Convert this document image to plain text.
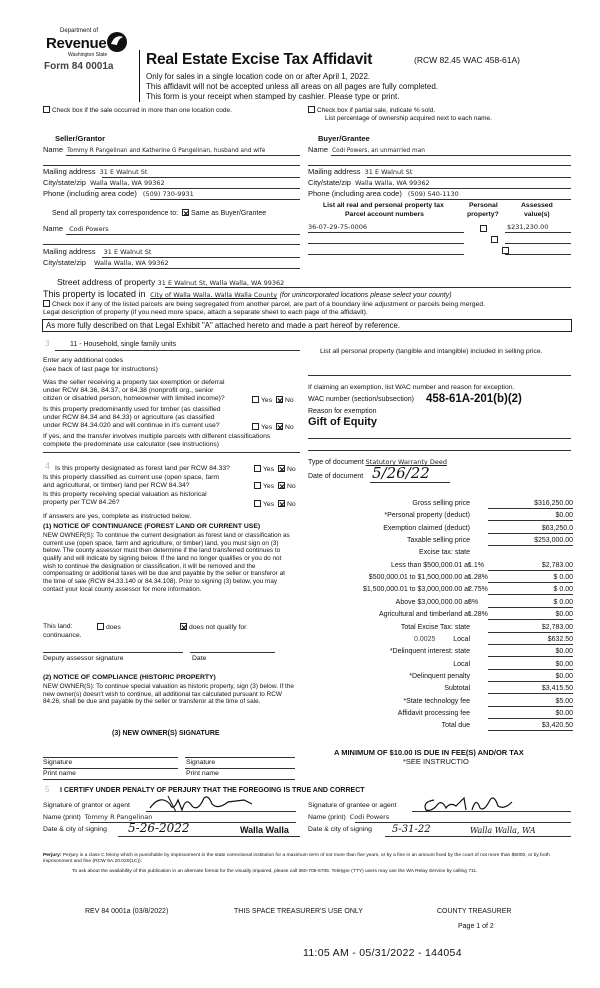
Department of
Revenue
Washington State
Form 84 0001a Real Estate Excise Tax Affidavit	(RCW 82.45 WAC 458-61A)
Only for sales in a single location code on or after April 1, 2022.
This affidavit will not be accepted unless all areas on all pages are fully completed.
This form is your receipt when stamped by cashier. Please type or print.
Check box if the sale occurred in more than one location code.	Check box if partial sale, indicate % sold.
List percentage of ownership acquired next to each name.
Seller/Grantor
Name Tommy R Pangelinan and Katherine G Pangelinan, husband and wife
Mailing address 31 E Walnut St
City/state/zip Walla Walla, WA 99362
Phone (including area code) (509) 730-9931
Buyer/Grantee
Name Codi Powers, an unmarried man
Mailing address 31 E Walnut St
City/state/zip Walla Walla, WA 99362
Phone (including area code) (509) 540-1130
Send all property tax correspondence to: Same as Buyer/Grantee
Name Codi Powers
Mailing address 31 E Walnut St
City/state/zip Walla Walla, WA 99362
List all real and personal property tax
Parcel account numbers
Personal
property?
Assessed
value(s)
36-07-29-75-0006
	$231,230.00

Street address of property 31 E Walnut St, Walla Walla, WA 99362
This property is located in City of Walla Walla, Walla Walla County (for unincorporated locations please select your county)
Check box if any of the listed parcels are being segregated from another parcel, are part of a boundary line adjustment or parcels being merged.
Legal description of property (if you need more space, attach a separate sheet to each page of the affidavit).
As more fully described on that Legal Exhibit "A" attached hereto and made a part hereof by reference.
3	11 - Household, single family units
Enter any additional codes
(see back of last page for instructions)
List all personal property (tangible and intangible) included in selling price.
Was the seller receiving a property tax exemption or deferral
under RCW 84.36, 84.37, or 84.38 (nonprofit org., senior
citizen or disabled person, homeowner with limited income)?	Yes No
Is this property predominantly used for timber (as classified
under RCW 84.34 and 84.33) or agriculture (as classified
under RCW 84.34.020 and will continue in it's current use?	Yes No
If yes, and the transfer involves multiple parcels with different classifications
complete the predominate use calculator (see instructions)
If claiming an exemption, list WAC number and reason for exception.
WAC number (section/subsection) 458-61A-201(b)(2)
Reason for exemption
Gift of Equity
4 Is this property designated as forest land per RCW 84.33?	Yes No
Is this property classified as current use (open space, farm
and agricultural, or timber) land per RCW 84.34?	Yes No
Is this property receiving special valuation as historical
property per TCW 84.26?	Yes No
If answers are yes, complete as instructed below.
(1) NOTICE OF CONTINUANCE (FOREST LAND OR CURRENT USE)
NEW OWNER(S): To continue the current designation as forest land or classification as current use (open space, farm and agriculture, or timber) land, you must sign on (3) below. The county assessor must then determine if the land transferred continues to qualify and will indicate by signing below. If the land no longer qualifies or you do not wish to continue the designation or classification, it will be removed and the compensating or additional taxes will be due and payable by the seller or transferor at the time of sale (RCW 84.33.140 or 84.34.108). Prior to signing (3) below, you may contact your local county assessor for more information.
This land:	does	does not qualify for
continuance.
Deputy assessor signature	Date
(2) NOTICE OF COMPLIANCE (HISTORIC PROPERTY)
NEW OWNER(S): To continue special valuation as historic property, sign (3) below. If the new owner(s) doesn't wish to continue, all additional tax calculated pursuant to RCW 84.26, shall be due and payable by the seller or transferor at the time of sale.
(3) NEW OWNER(S) SIGNATURE
Signature	Signature
Print name	Print name
Type of document Statutory Warranty Deed
Date of document 5/26/22
Gross selling price	$316,250.00
*Personal property (deduct)	$0.00
Exemption claimed (deduct)	$63,250.0
Taxable selling price	$253,000.00
Excise tax: state
Less than $500,000.01 at
1.1%	$2,783.00
$500,000.01 to $1,500,000.00 at
1.28%	$ 0.00
$1,500,000.01 to $3,000,000.00 at
2.75%	$ 0.00
Above $3,000,000.00 at
3%	$ 0.00
Agricultural and timberland at
1.28%	$0.00
Total Excise Tax: state	$2,783.00
Local
0.0025	$632.50
*Delinquent interest: state	$0.00
Local	$0.00
*Delinquent penalty	$0.00
Subtotal	$3,415.50
*State technology fee	$5.00
Affidavit processing fee	$0.00
Total due	$3,420.50
A MINIMUM OF $10.00 IS DUE IN FEE(S) AND/OR TAX
*SEE INSTRUCTIO
5 I CERTIFY UNDER PENALTY OF PERJURY THAT THE FOREGOING IS TRUE AND CORRECT
Signature of grantor or agent
Name (print) Tommy R Pangelinan
Date & city of signing 5-26-2022	Walla Walla
Signature of grantee or agent
Name (print) Codi Powers
Date & city of signing 5-31-22	Walla Walla, WA
Perjury: Perjury is a class C felony which is punishable by imprisonment in the state correctional institution for a maximum term of not more than five years, or by a fine in an amount fixed by the court of not more than $5000, or by both imprisonment and fine (RCW 9A.20.020(1C)).
To ask about the availability of this publication in an alternate format for the visually impaired, please call 360-705-6705. Teletype (TTY) users may use the WA Relay Service by calling 711.
REV 84 0001a (03/8/2022)	THIS SPACE TREASURER'S USE ONLY	COUNTY TREASURER
Page 1 of 2
11:05 AM - 05/31/2022 - 144054
